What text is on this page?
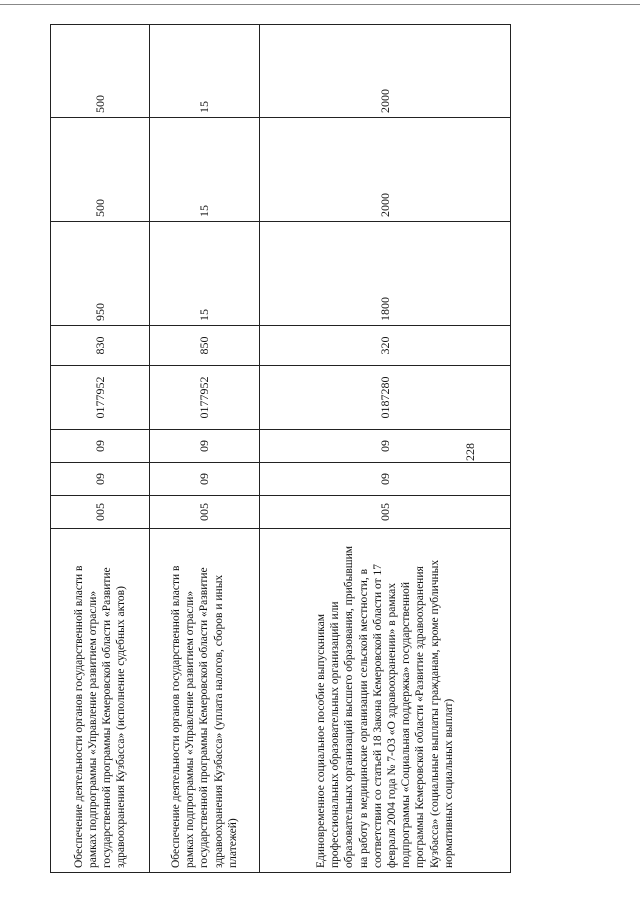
228
Обеспечение деятельности органов государственной власти в рамках подпрограммы «Управление развитием отрасли» государственной программы Кемеровской области «Развитие здравоохранения Кузбасса» (исполнение судебных актов)	005	09	09	0177952	830	950	500	500
Обеспечение деятельности органов государственной власти в рамках подпрограммы «Управление развитием отрасли» государственной программы Кемеровской области «Развитие здравоохранения Кузбасса» (уплата налогов, сборов и иных платежей)	005	09	09	0177952	850	15	15	15
Единовременное социальное пособие выпускникам профессиональных образовательных организаций или образовательных организаций высшего образования, прибывшим на работу в медицинские организации сельской местности, в соответствии со статьей 18 Закона Кемеровской области от 17 февраля 2004 года № 7-ОЗ «О здравоохранении» в рамках подпрограммы «Социальная поддержка» государственной программы Кемеровской области «Развитие здравоохранения Кузбасса» (социальные выплаты гражданам, кроме публичных нормативных социальных выплат)	005	09	09	0187280	320	1800	2000	2000
